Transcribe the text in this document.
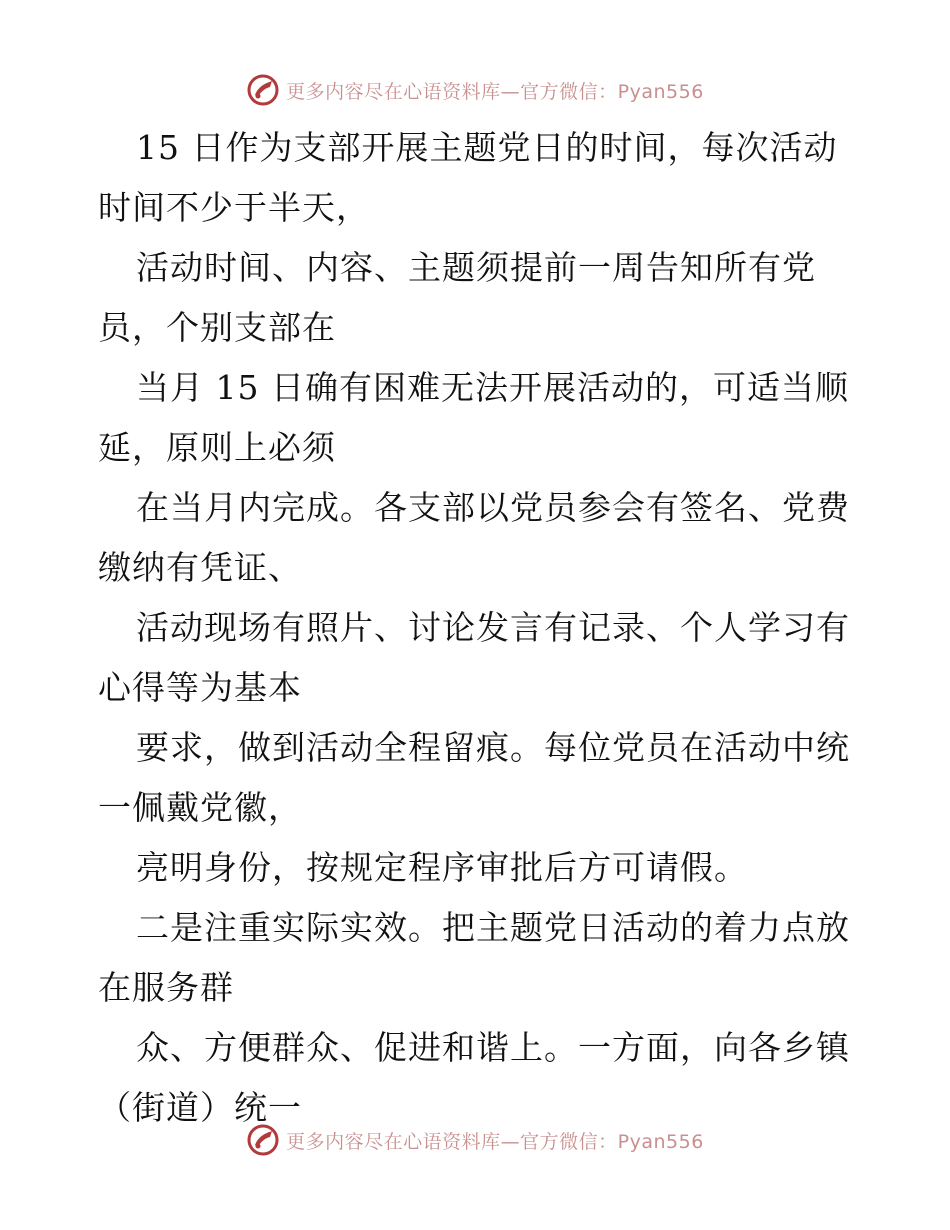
更多内容尽在心语资料库—官方微信：Pyan556

15 日作为支部开展主题党日的时间，每次活动
时间不少于半天，

活动时间、内容、主题须提前一周告知所有党
员，个别支部在

当月 15 日确有困难无法开展活动的，可适当顺
延，原则上必须

在当月内完成。各支部以党员参会有签名、党费
缴纳有凭证、

活动现场有照片、讨论发言有记录、个人学习有
心得等为基本

要求，做到活动全程留痕。每位党员在活动中统
一佩戴党徽，

亮明身份，按规定程序审批后方可请假。

二是注重实际实效。把主题党日活动的着力点放
在服务群

众、方便群众、促进和谐上。一方面，向各乡镇
（街道）统一

更多内容尽在心语资料库—官方微信：Pyan556
